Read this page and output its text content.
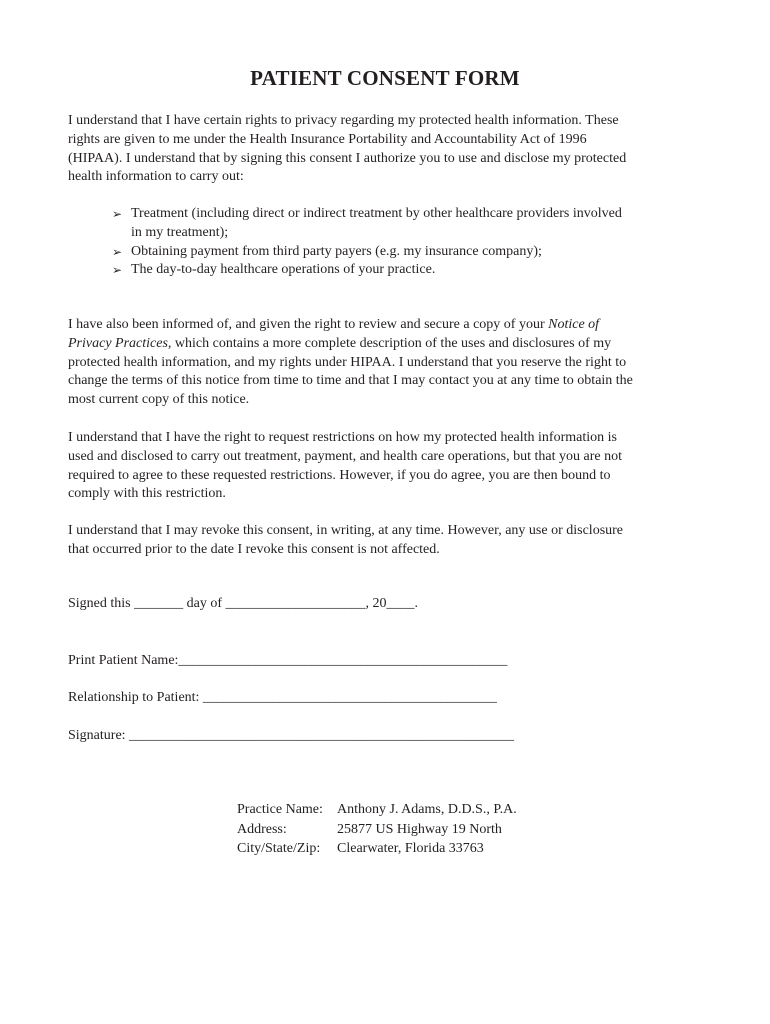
PATIENT CONSENT FORM

I understand that I have certain rights to privacy regarding my protected health information. These rights are given to me under the Health Insurance Portability and Accountability Act of 1996 (HIPAA). I understand that by signing this consent I authorize you to use and disclose my protected health information to carry out:

➢ Treatment (including direct or indirect treatment by other healthcare providers involved in my treatment);
➢ Obtaining payment from third party payers (e.g. my insurance company);
➢ The day-to-day healthcare operations of your practice.

I have also been informed of, and given the right to review and secure a copy of your Notice of Privacy Practices, which contains a more complete description of the uses and disclosures of my protected health information, and my rights under HIPAA. I understand that you reserve the right to change the terms of this notice from time to time and that I may contact you at any time to obtain the most current copy of this notice.

I understand that I have the right to request restrictions on how my protected health information is used and disclosed to carry out treatment, payment, and health care operations, but that you are not required to agree to these requested restrictions. However, if you do agree, you are then bound to comply with this restriction.

I understand that I may revoke this consent, in writing, at any time. However, any use or disclosure that occurred prior to the date I revoke this consent is not affected.

Signed this _______ day of ____________________, 20____.
Print Patient Name:_______________________________________________
Relationship to Patient: __________________________________________
Signature: _______________________________________________________
Practice Name:	Anthony J. Adams, D.D.S., P.A.
Address:	25877 US Highway 19 North
City/State/Zip:	Clearwater, Florida 33763
